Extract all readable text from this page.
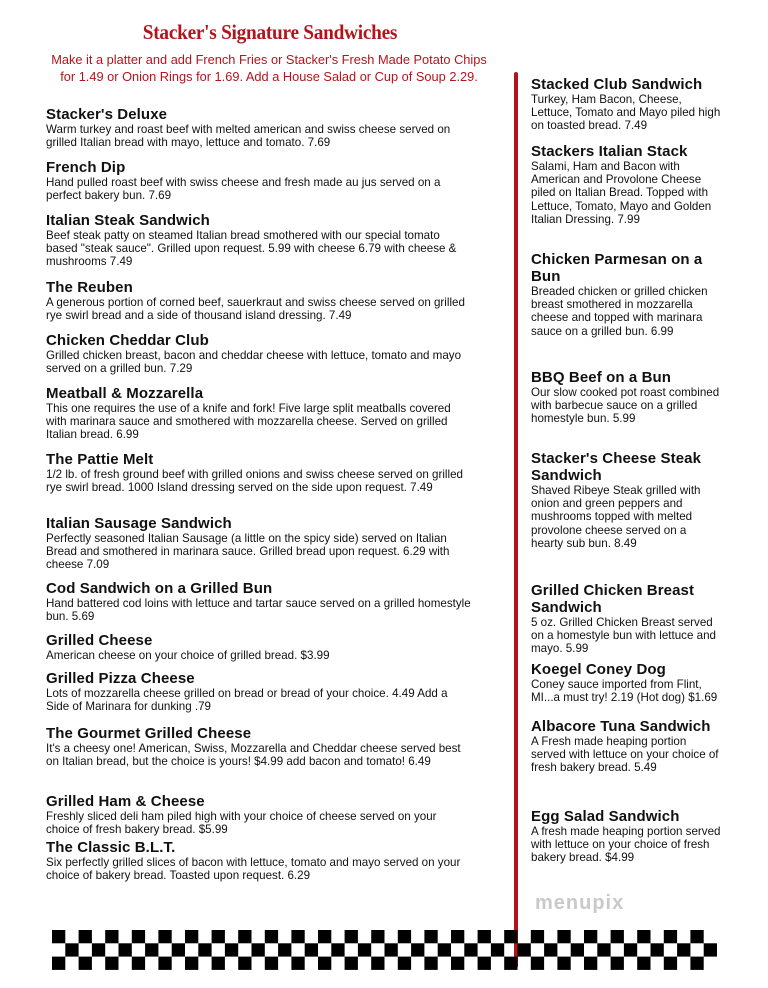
Stacker's Signature Sandwiches
Make it a platter and add French Fries or Stacker's Fresh Made Potato Chips for 1.49 or Onion Rings for 1.69. Add a House Salad or Cup of Soup 2.29.
Stacker's Deluxe
Warm turkey and roast beef with melted american and swiss cheese served on grilled Italian bread with mayo, lettuce and tomato. 7.69
French Dip
Hand pulled roast beef with swiss cheese and fresh made au jus served on a perfect bakery bun. 7.69
Italian Steak Sandwich
Beef steak patty on steamed Italian bread smothered with our special tomato based "steak sauce". Grilled upon request. 5.99 with cheese 6.79 with cheese & mushrooms 7.49
The Reuben
A generous portion of corned beef, sauerkraut and swiss cheese served on grilled rye swirl bread and a side of thousand island dressing. 7.49
Chicken Cheddar Club
Grilled chicken breast, bacon and cheddar cheese with lettuce, tomato and mayo served on a grilled bun. 7.29
Meatball & Mozzarella
This one requires the use of a knife and fork! Five large split meatballs covered with marinara sauce and smothered with mozzarella cheese. Served on grilled Italian bread. 6.99
The Pattie Melt
1/2 lb. of fresh ground beef with grilled onions and swiss cheese served on grilled rye swirl bread. 1000 Island dressing served on the side upon request. 7.49
Italian Sausage Sandwich
Perfectly seasoned Italian Sausage (a little on the spicy side) served on Italian Bread and smothered in marinara sauce. Grilled bread upon request. 6.29 with cheese 7.09
Cod Sandwich on a Grilled Bun
Hand battered cod loins with lettuce and tartar sauce served on a grilled homestyle bun. 5.69
Grilled Cheese
American cheese on your choice of grilled bread. $3.99
Grilled Pizza Cheese
Lots of mozzarella cheese grilled on bread or bread of your choice. 4.49 Add a Side of Marinara for dunking .79
The Gourmet Grilled Cheese
It's a cheesy one! American, Swiss, Mozzarella and Cheddar cheese served best on Italian bread, but the choice is yours! $4.99 add bacon and tomato! 6.49
Grilled Ham & Cheese
Freshly sliced deli ham piled high with your choice of cheese served on your choice of fresh bakery bread. $5.99
The Classic B.L.T.
Six perfectly grilled slices of bacon with lettuce, tomato and mayo served on your choice of bakery bread. Toasted upon request. 6.29
Stacked Club Sandwich
Turkey, Ham Bacon, Cheese, Lettuce, Tomato and Mayo piled high on toasted bread. 7.49
Stackers Italian Stack
Salami, Ham and Bacon with American and Provolone Cheese piled on Italian Bread. Topped with Lettuce, Tomato, Mayo and Golden Italian Dressing. 7.99
Chicken Parmesan on a Bun
Breaded chicken or grilled chicken breast smothered in mozzarella cheese and topped with marinara sauce on a grilled bun. 6.99
BBQ Beef on a Bun
Our slow cooked pot roast combined with barbecue sauce on a grilled homestyle bun. 5.99
Stacker's Cheese Steak Sandwich
Shaved Ribeye Steak grilled with onion and green peppers and mushrooms topped with melted provolone cheese served on a hearty sub bun. 8.49
Grilled Chicken Breast Sandwich
5 oz. Grilled Chicken Breast served on a homestyle bun with lettuce and mayo. 5.99
Koegel Coney Dog
Coney sauce imported from Flint, MI...a must try! 2.19 (Hot dog) $1.69
Albacore Tuna Sandwich
A Fresh made heaping portion served with lettuce on your choice of fresh bakery bread. 5.49
Egg Salad Sandwich
A fresh made heaping portion served with lettuce on your choice of fresh bakery bread. $4.99
menupix
